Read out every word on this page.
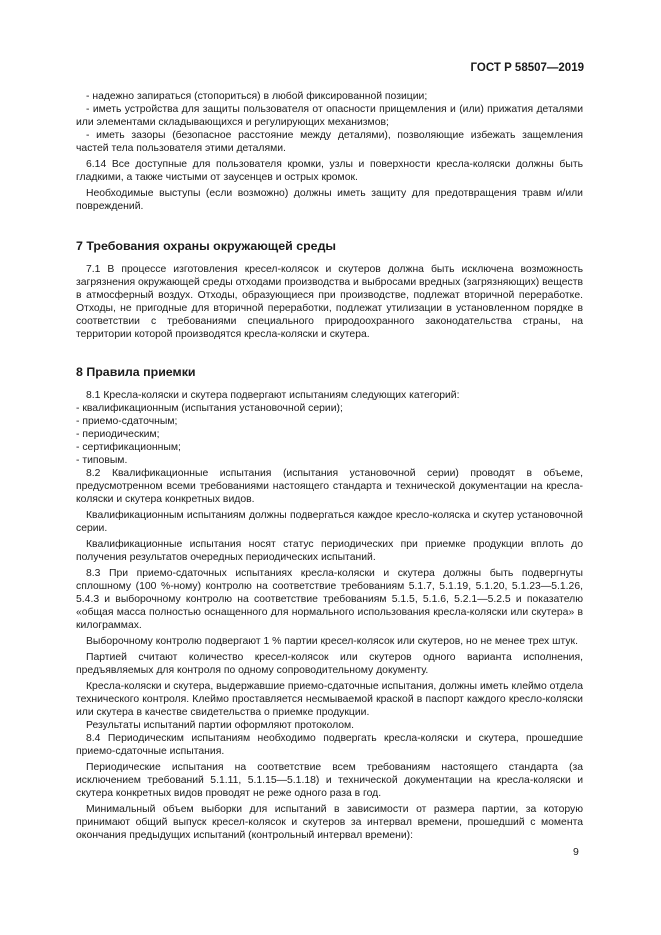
ГОСТ Р 58507—2019

- надежно запираться (стопориться) в любой фиксированной позиции;

- иметь устройства для защиты пользователя от опасности прищемления и (или) прижатия деталями или элементами складывающихся и регулирующих механизмов;

- иметь зазоры (безопасное расстояние между деталями), позволяющие избежать защемления частей тела пользователя этими деталями.

6.14 Все доступные для пользователя кромки, узлы и поверхности кресла-коляски должны быть гладкими, а также чистыми от заусенцев и острых кромок.

Необходимые выступы (если возможно) должны иметь защиту для предотвращения травм и/или повреждений.

7 Требования охраны окружающей среды

7.1 В процессе изготовления кресел-колясок и скутеров должна быть исключена возможность загрязнения окружающей среды отходами производства и выбросами вредных (загрязняющих) веществ в атмосферный воздух. Отходы, образующиеся при производстве, подлежат вторичной переработке. Отходы, не пригодные для вторичной переработки, подлежат утилизации в установленном порядке в соответствии с требованиями специального природоохранного законодательства страны, на территории которой производятся кресла-коляски и скутера.

8 Правила приемки

8.1 Кресла-коляски и скутера подвергают испытаниям следующих категорий:

- квалификационным (испытания установочной серии);

- приемо-сдаточным;

- периодическим;

- сертификационным;

- типовым.

8.2 Квалификационные испытания (испытания установочной серии) проводят в объеме, предусмотренном всеми требованиями настоящего стандарта и технической документации на кресла-коляски и скутера конкретных видов.

Квалификационным испытаниям должны подвергаться каждое кресло-коляска и скутер установочной серии.

Квалификационные испытания носят статус периодических при приемке продукции вплоть до получения результатов очередных периодических испытаний.

8.3 При приемо-сдаточных испытаниях кресла-коляски и скутера должны быть подвергнуты сплошному (100 %-ному) контролю на соответствие требованиям 5.1.7, 5.1.19, 5.1.20, 5.1.23—5.1.26, 5.4.3 и выборочному контролю на соответствие требованиям 5.1.5, 5.1.6, 5.2.1—5.2.5 и показателю «общая масса полностью оснащенного для нормального использования кресла-коляски или скутера» в килограммах.

Выборочному контролю подвергают 1 % партии кресел-колясок или скутеров, но не менее трех штук.

Партией считают количество кресел-колясок или скутеров одного варианта исполнения, предъявляемых для контроля по одному сопроводительному документу.

Кресла-коляски и скутера, выдержавшие приемо-сдаточные испытания, должны иметь клеймо отдела технического контроля. Клеймо проставляется несмываемой краской в паспорт каждого кресло-коляски или скутера в качестве свидетельства о приемке продукции.

Результаты испытаний партии оформляют протоколом.

8.4 Периодическим испытаниям необходимо подвергать кресла-коляски и скутера, прошедшие приемо-сдаточные испытания.

Периодические испытания на соответствие всем требованиям настоящего стандарта (за исключением требований 5.1.11, 5.1.15—5.1.18) и технической документации на кресла-коляски и скутера конкретных видов проводят не реже одного раза в год.

Минимальный объем выборки для испытаний в зависимости от размера партии, за которую принимают общий выпуск кресел-колясок и скутеров за интервал времени, прошедший с момента окончания предыдущих испытаний (контрольный интервал времени):

9
